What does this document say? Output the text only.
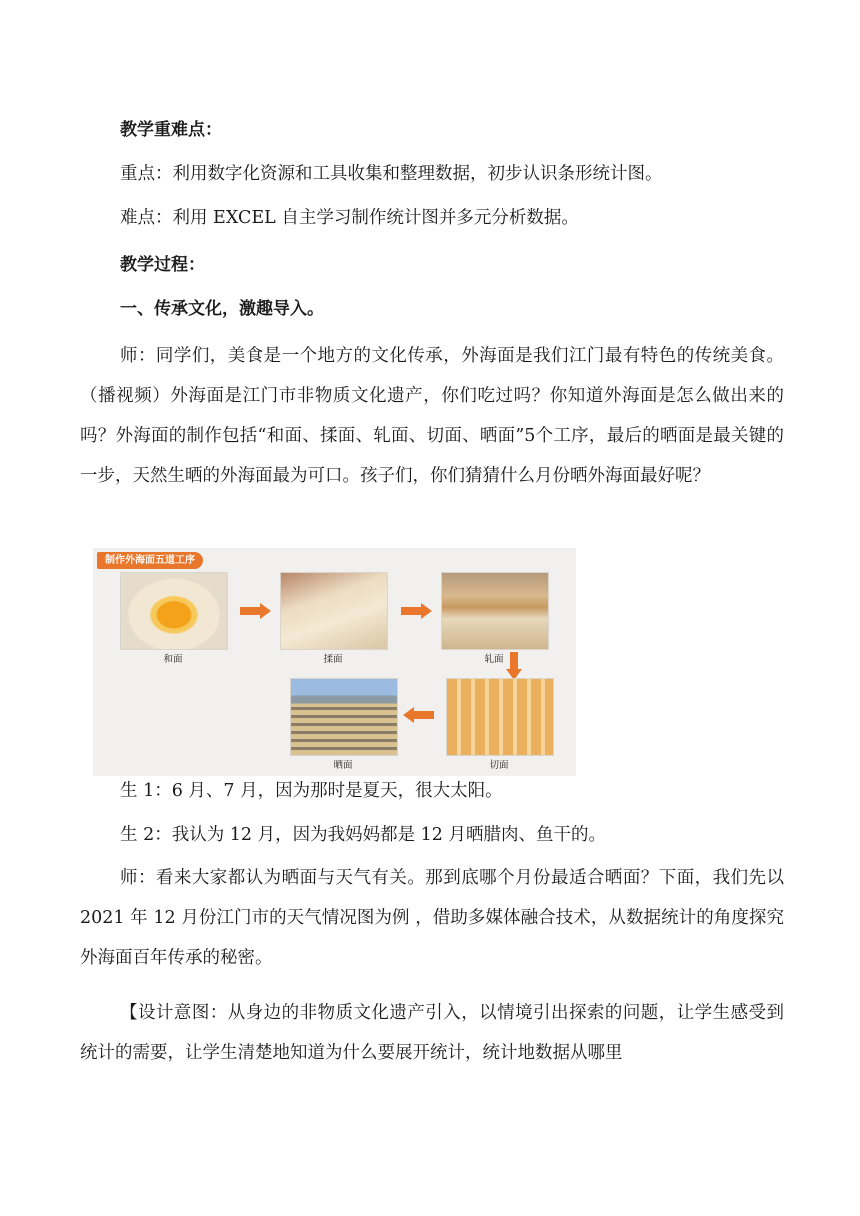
教学重难点：
重点：利用数字化资源和工具收集和整理数据，初步认识条形统计图。
难点：利用 EXCEL 自主学习制作统计图并多元分析数据。
教学过程：
一、传承文化，激趣导入。
师：同学们，美食是一个地方的文化传承，外海面是我们江门最有特色的传统美食。（播视频）外海面是江门市非物质文化遗产，你们吃过吗？你知道外海面是怎么做出来的吗？外海面的制作包括“和面、揉面、轧面、切面、晒面”5个工序，最后的晒面是最关键的一步，天然生晒的外海面最为可口。孩子们，你们猜猜什么月份晒外海面最好呢？
制作外海面五道工序
和面	揉面	轧面
切面
晒面
生 1：6 月、7 月，因为那时是夏天，很大太阳。
生 2：我认为 12 月，因为我妈妈都是 12 月晒腊肉、鱼干的。
师：看来大家都认为晒面与天气有关。那到底哪个月份最适合晒面？下面，我们先以 2021 年 12 月份江门市的天气情况图为例 ，借助多媒体融合技术，从数据统计的角度探究外海面百年传承的秘密。
【设计意图：从身边的非物质文化遗产引入，以情境引出探索的问题，让学生感受到统计的需要，让学生清楚地知道为什么要展开统计，统计地数据从哪里
